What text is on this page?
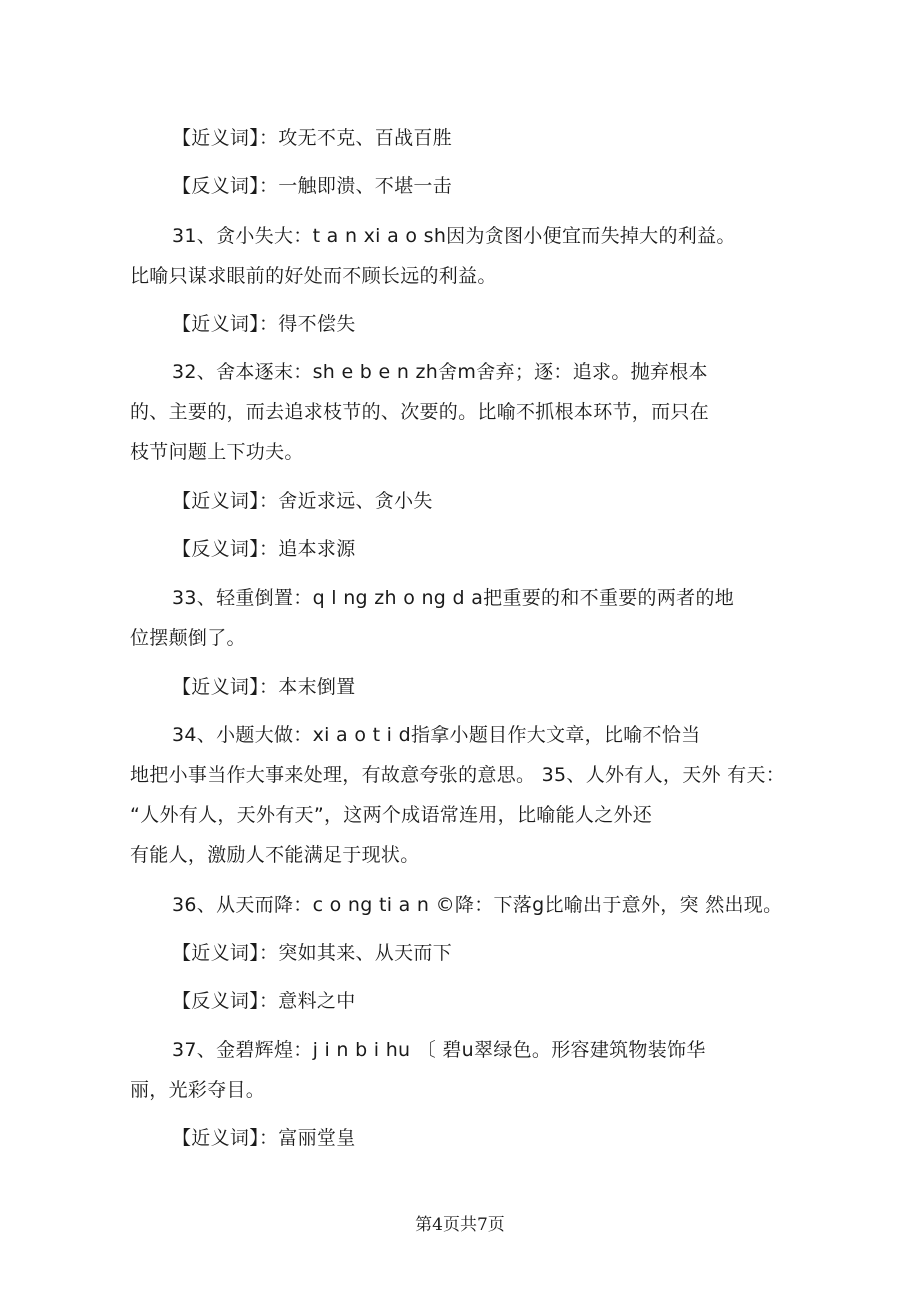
【近义词】：攻无不克、百战百胜
【反义词】：一触即溃、不堪一击
31、贪小失大：t a n xi a o sh因为贪图小便宜而失掉大的利益。
比喻只谋求眼前的好处而不顾长远的利益。
【近义词】：得不偿失
32、舍本逐末：sh e b e n zh舍m舍弃；逐：追求。抛弃根本
的、主要的，而去追求枝节的、次要的。比喻不抓根本环节，而只在
枝节问题上下功夫。
【近义词】：舍近求远、贪小失
【反义词】：追本求源
33、轻重倒置：q l ng zh o ng d a把重要的和不重要的两者的地
位摆颠倒了。
【近义词】：本末倒置
34、小题大做：xi a o t i d指拿小题目作大文章，比喻不恰当
地把小事当作大事来处理，有故意夸张的意思。 35、人外有人，天外 有天：
“人外有人，天外有天”，这两个成语常连用，比喻能人之外还
有能人，激励人不能满足于现状。
36、从天而降：c o ng ti a n ©降：下落g比喻出于意外，突 然出现。
【近义词】：突如其来、从天而下
【反义词】：意料之中
37、金碧辉煌：j i n b i hu 〔 碧u翠绿色。形容建筑物装饰华
丽，光彩夺目。
【近义词】：富丽堂皇
第4页共7页
